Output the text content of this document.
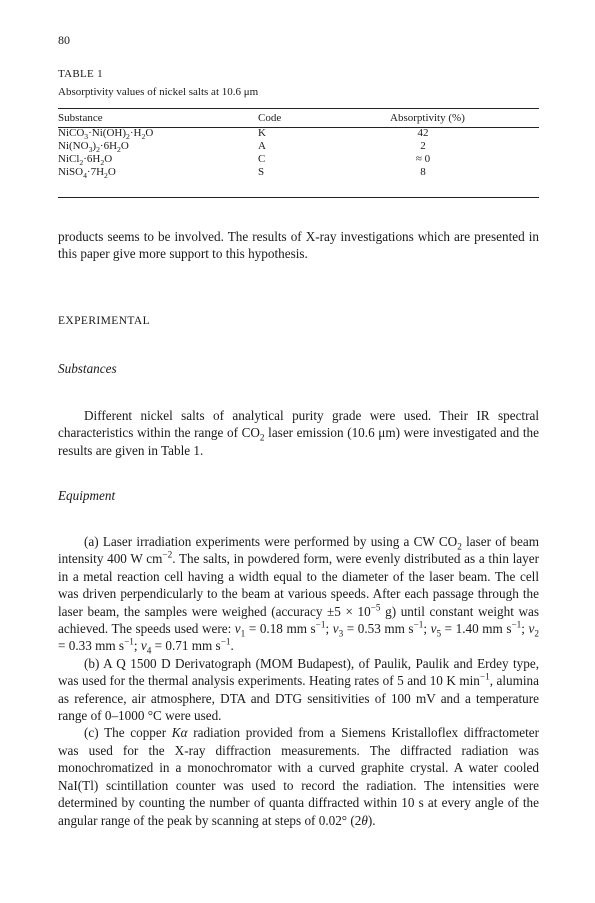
80
TABLE 1
Absorptivity values of nickel salts at 10.6 μm
Substance	Code	Absorptivity (%)
$NiCO_3\cdot Ni(OH)_2\cdot H_2O$	K	42
$Ni(NO_3)_2\cdot 6H_2O$	A	2
$NiCl_2\cdot 6H_2O$	C	≈ 0
$NiSO_4\cdot 7H_2O$	S	8

products seems to be involved. The results of X-ray investigations which are presented in this paper give more support to this hypothesis.

EXPERIMENTAL
Substances

Different nickel salts of analytical purity grade were used. Their IR spectral characteristics within the range of $CO_2$ laser emission (10.6 μm) were investigated and the results are given in Table 1.

Equipment

(a) Laser irradiation experiments were performed by using a CW $CO_2$ laser of beam intensity 400 W $cm^{-2}$. The salts, in powdered form, were evenly distributed as a thin layer in a metal reaction cell having a width equal to the diameter of the laser beam. The cell was driven perpendicularly to the beam at various speeds. After each passage through the laser beam, the samples were weighed (accuracy $\pm 5 \times 10^{-5}$ g) until constant weight was achieved. The speeds used were: $v_1 = 0.18$ mm $s^{-1}$; $v_3 = 0.53$ mm $s^{-1}$; $v_5 = 1.40$ mm $s^{-1}$; $v_2 = 0.33$ mm $s^{-1}$; $v_4 = 0.71$ mm $s^{-1}$.

(b) A Q 1500 D Derivatograph (MOM Budapest), of Paulik, Paulik and Erdey type, was used for the thermal analysis experiments. Heating rates of 5 and 10 K $\min^{-1}$, alumina as reference, air atmosphere, DTA and DTG sensitivities of 100 mV and a temperature range of 0–1000 °C were used.

(c) The copper Kα radiation provided from a Siemens Kristalloflex diffractometer was used for the X-ray diffraction measurements. The diffracted radiation was monochromatized in a monochromator with a curved graphite crystal. A water cooled NaI(Tl) scintillation counter was used to record the radiation. The intensities were determined by counting the number of quanta diffracted within 10 s at every angle of the angular range of the peak by scanning at steps of 0.02° (2θ).
